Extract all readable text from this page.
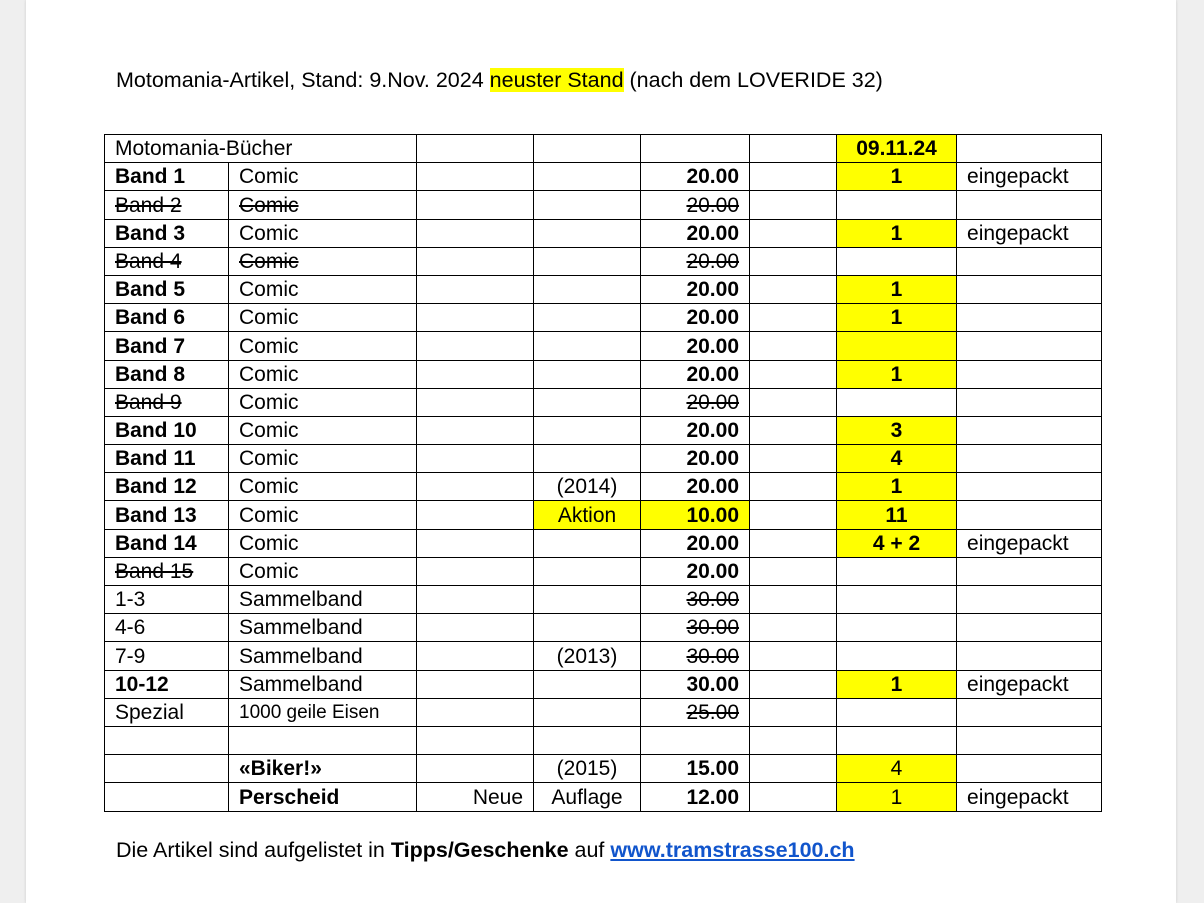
Motomania-Artikel, Stand: 9.Nov. 2024 neuster Stand (nach dem LOVERIDE 32)
Motomania-Bücher						09.11.24	
Band 1	Comic			20.00		1	eingepackt
Band 2	Comic			20.00			
Band 3	Comic			20.00		1	eingepackt
Band 4	Comic			20.00			
Band 5	Comic			20.00		1	
Band 6	Comic			20.00		1	
Band 7	Comic			20.00			
Band 8	Comic			20.00		1	
Band 9	Comic			20.00			
Band 10	Comic			20.00		3	
Band 11	Comic			20.00		4	
Band 12	Comic		(2014)	20.00		1	
Band 13	Comic		Aktion	10.00		11	
Band 14	Comic			20.00		4 + 2	eingepackt
Band 15	Comic			20.00			
1-3	Sammelband			30.00			
4-6	Sammelband			30.00			
7-9	Sammelband		(2013)	30.00			
10-12	Sammelband			30.00		1	eingepackt
Spezial	1000 geile Eisen			25.00			

	«Biker!»		(2015)	15.00		4	
	Perscheid	Neue	Auflage	12.00		1	eingepackt
Die Artikel sind aufgelistet in Tipps/Geschenke auf www.tramstrasse100.ch
